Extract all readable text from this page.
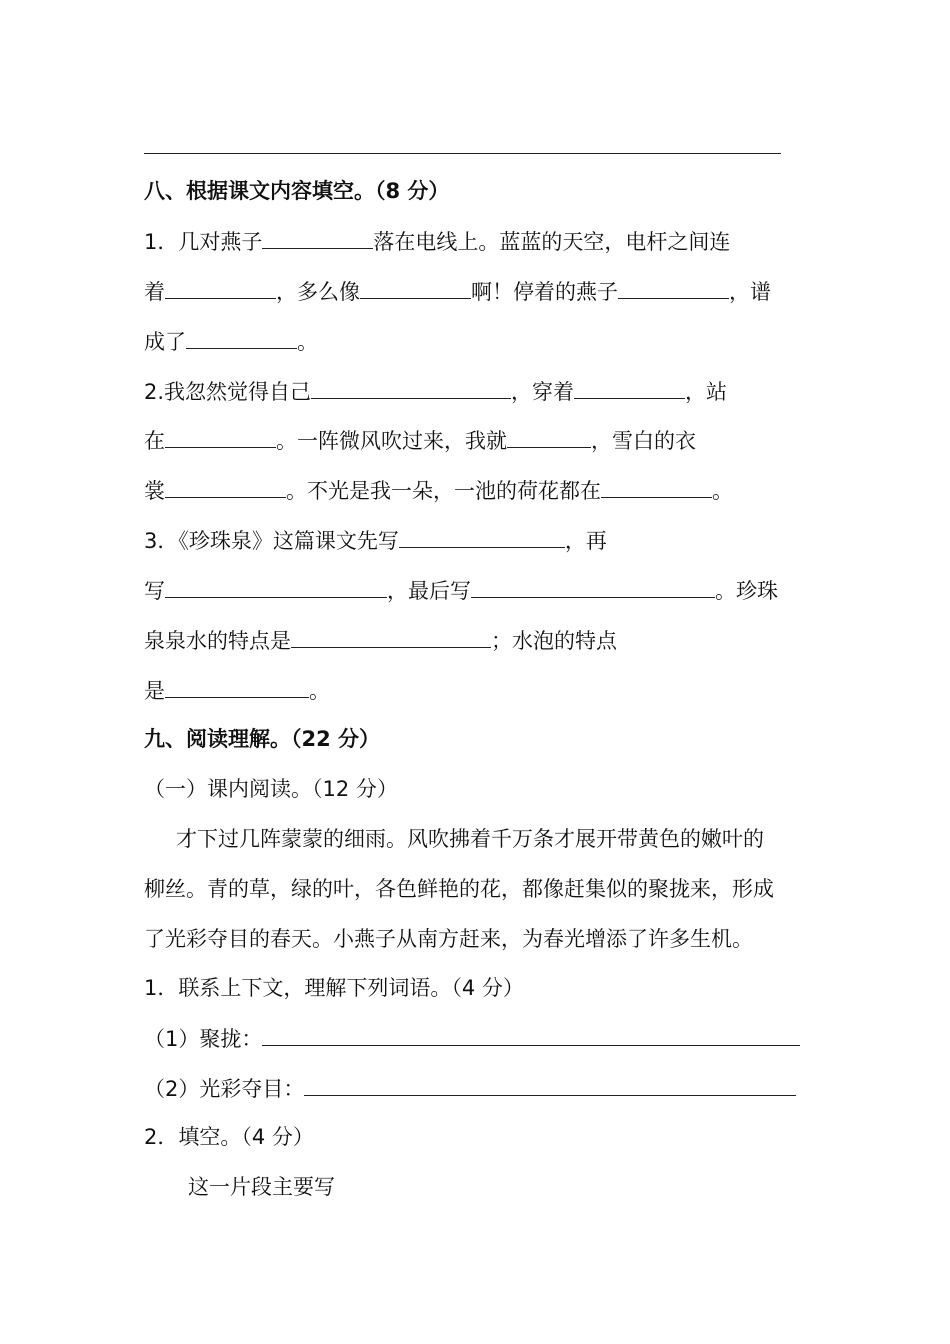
八、根据课文内容填空。（8 分）
1．几对燕子	落在电线上。蓝蓝的天空，电杆之间连
着	，多么像	啊！停着的燕子	，谱
成了	。
2.我忽然觉得自己	，穿着	，站
在	。一阵微风吹过来，我就	，雪白的衣
裳	。不光是我一朵，一池的荷花都在	。
3．《珍珠泉》这篇课文先写	，再
写	，最后写	。珍珠
泉泉水的特点是	；水泡的特点
是	。
九、阅读理解。（22 分）
（一）课内阅读。（12 分）
才下过几阵蒙蒙的细雨。风吹拂着千万条才展开带黄色的嫩叶的
柳丝。青的草，绿的叶，各色鲜艳的花，都像赶集似的聚拢来，形成
了光彩夺目的春天。小燕子从南方赶来，为春光增添了许多生机。
1．联系上下文，理解下列词语。（4 分）
（1）聚拢：
（2）光彩夺目：
2．填空。（4 分）
这一片段主要写
